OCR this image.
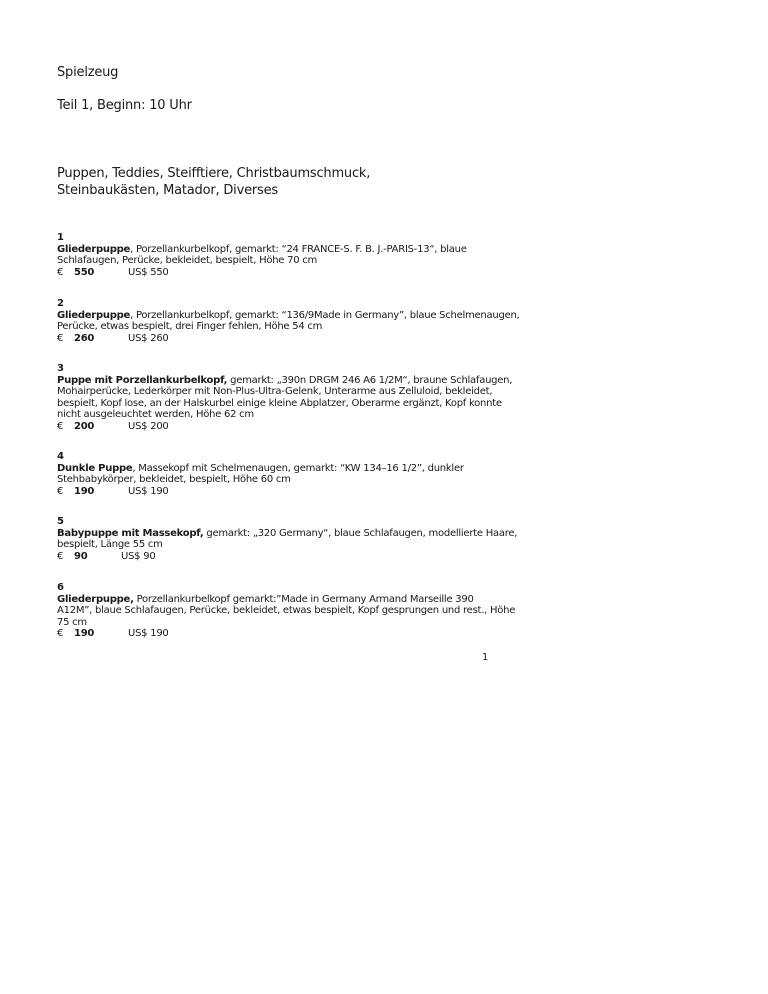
Spielzeug
Teil 1, Beginn: 10 Uhr
Puppen, Teddies, Steifftiere, Christbaumschmuck,
Steinbaukästen, Matador, Diverses
1
Gliederpuppe, Porzellankurbelkopf, gemarkt: “24 FRANCE-S. F. B. J.-PARIS-13“, blaue
Schlafaugen, Perücke, bekleidet, bespielt, Höhe 70 cm
€ 550	US$ 550
2
Gliederpuppe, Porzellankurbelkopf, gemarkt: “136/9Made in Germany”, blaue Schelmenaugen,
Perücke, etwas bespielt, drei Finger fehlen, Höhe 54 cm
€ 260	US$ 260
3
Puppe mit Porzellankurbelkopf, gemarkt: „390n DRGM 246 A6 1/2M“, braune Schlafaugen,
Mohairperücke, Lederkörper mit Non-Plus-Ultra-Gelenk, Unterarme aus Zelluloid, bekleidet,
bespielt, Kopf lose, an der Halskurbel einige kleine Abplatzer, Oberarme ergänzt, Kopf konnte
nicht ausgeleuchtet werden, Höhe 62 cm
€ 200	US$ 200
4
Dunkle Puppe, Massekopf mit Schelmenaugen, gemarkt: “KW 134–16 1/2”, dunkler
Stehbabykörper, bekleidet, bespielt, Höhe 60 cm
€ 190	US$ 190
5
Babypuppe mit Massekopf, gemarkt: „320 Germany“, blaue Schlafaugen, modellierte Haare,
bespielt, Länge 55 cm
€ 90	US$ 90
6
Gliederpuppe, Porzellankurbelkopf gemarkt:”Made in Germany Armand Marseille 390
A12M”, blaue Schlafaugen, Perücke, bekleidet, etwas bespielt, Kopf gesprungen und rest., Höhe
75 cm
€ 190	US$ 190
1
